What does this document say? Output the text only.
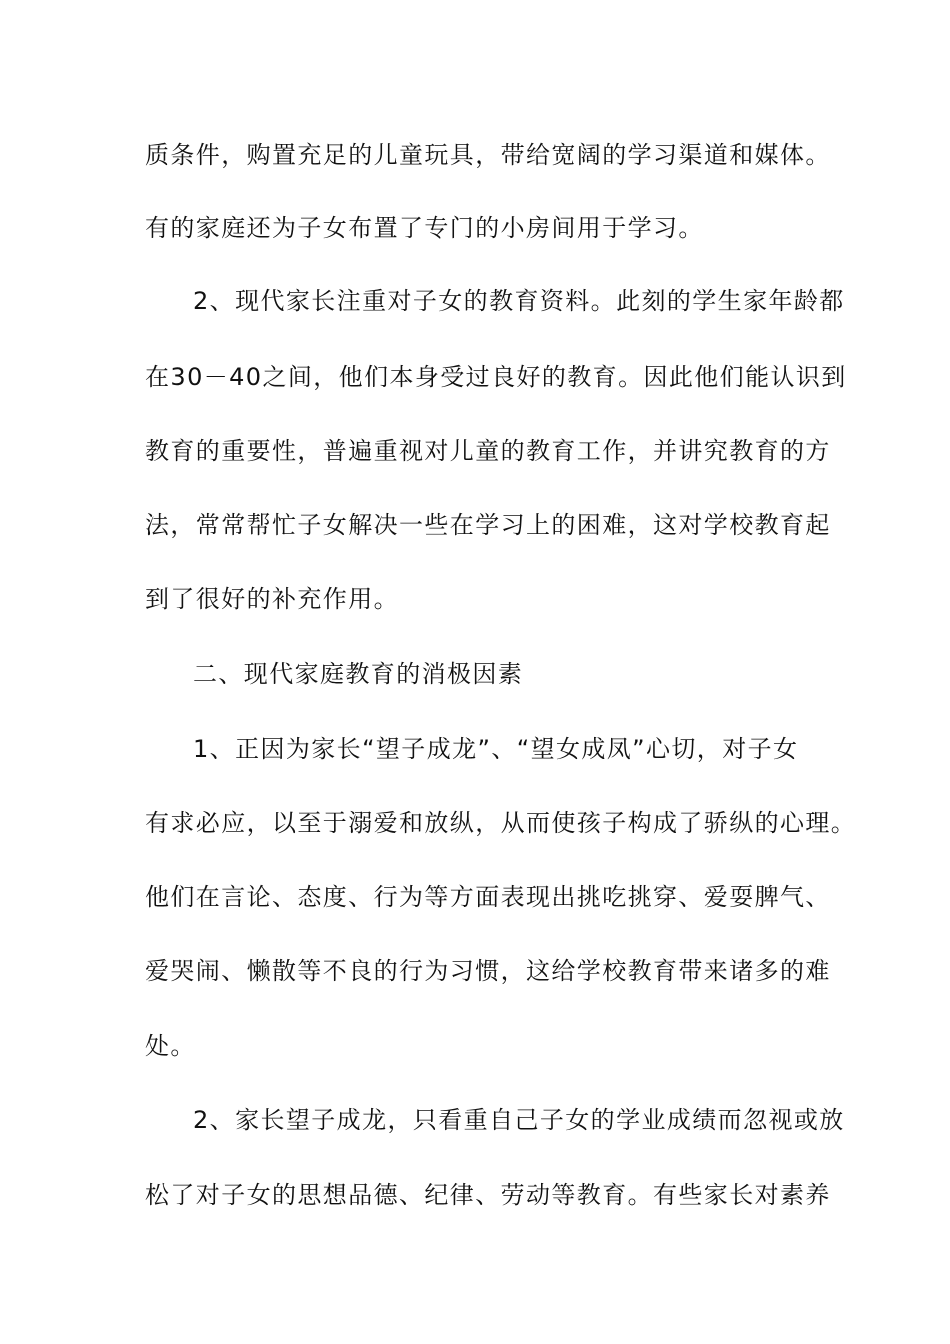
质条件，购置充足的儿童玩具，带给宽阔的学习渠道和媒体。
有的家庭还为子女布置了专门的小房间用于学习。
2、现代家长注重对子女的教育资料。此刻的学生家年龄都
在30－40之间，他们本身受过良好的教育。因此他们能认识到
教育的重要性，普遍重视对儿童的教育工作，并讲究教育的方
法，常常帮忙子女解决一些在学习上的困难，这对学校教育起
到了很好的补充作用。
二、现代家庭教育的消极因素
1、正因为家长“望子成龙”、“望女成凤”心切，对子女
有求必应，以至于溺爱和放纵，从而使孩子构成了骄纵的心理。
他们在言论、态度、行为等方面表现出挑吃挑穿、爱耍脾气、
爱哭闹、懒散等不良的行为习惯，这给学校教育带来诸多的难
处。
2、家长望子成龙，只看重自己子女的学业成绩而忽视或放
松了对子女的思想品德、纪律、劳动等教育。有些家长对素养
